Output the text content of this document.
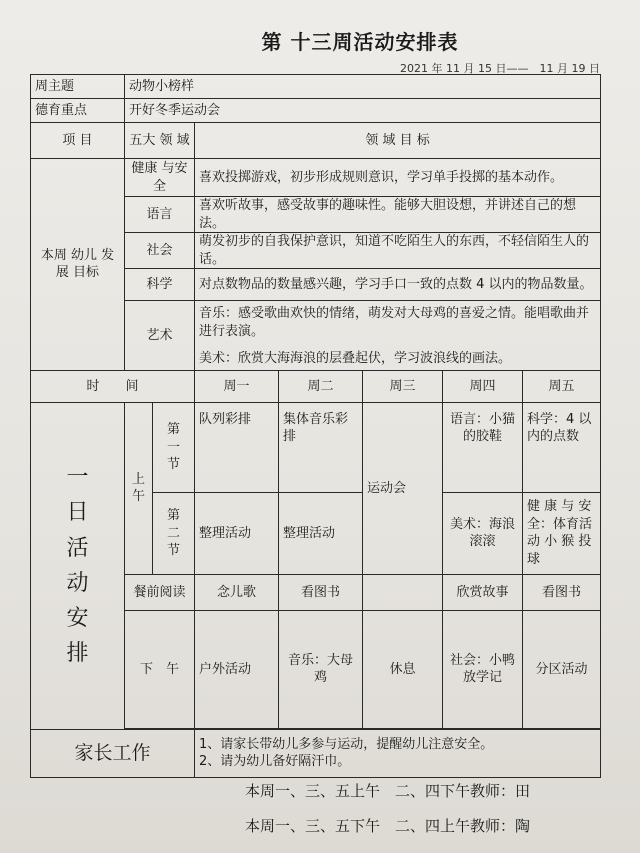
第 十三周活动安排表
2021 年 11 月 15 日——　11 月 19 日
周主题	动物小榜样						
德育重点	开好冬季运动会						
项 目	五大 领 域		领 域 目 标				
本周 幼儿 发展 目标	健康 与安全		喜欢投掷游戏，初步形成规则意识，学习单手投掷的基本动作。				
	语言		喜欢听故事，感受故事的趣味性。能够大胆设想，并讲述自己的想法。				
	社会		萌发初步的自我保护意识，知道不吃陌生人的东西，不轻信陌生人的话。				
	科学		对点数物品的数量感兴趣，学习手口一致的点数 4 以内的物品数量。				
	艺术		音乐：感受歌曲欢快的情绪，萌发对大母鸡的喜爱之情。能唱歌曲并进行表演。
美术：欣赏大海海浪的层叠起伏，学习波浪线的画法。				

时　　间			周一	周二	周三	周四	周五

一 日 活 动 安 排	上 午	第 一 节	队列彩排	集体音乐彩排	运动会	语言：小猫的胶鞋	科学：4 以内的点数

		第 二 节	整理活动	整理活动		美术：海浪滚滚	健 康 与 安 全：体育活 动 小 猴 投 球
	餐前阅读		念儿歌	看图书		欣赏故事	看图书
	下　午		户外活动	音乐：大母鸡	休息	社会：小鸭放学记	分区活动

家长工作			1、请家长带幼儿多参与运动，提醒幼儿注意安全。
2、请为幼儿备好隔汗巾。				
本周一、三、五上午　二、四下午教师：田
本周一、三、五下午　二、四上午教师：陶
